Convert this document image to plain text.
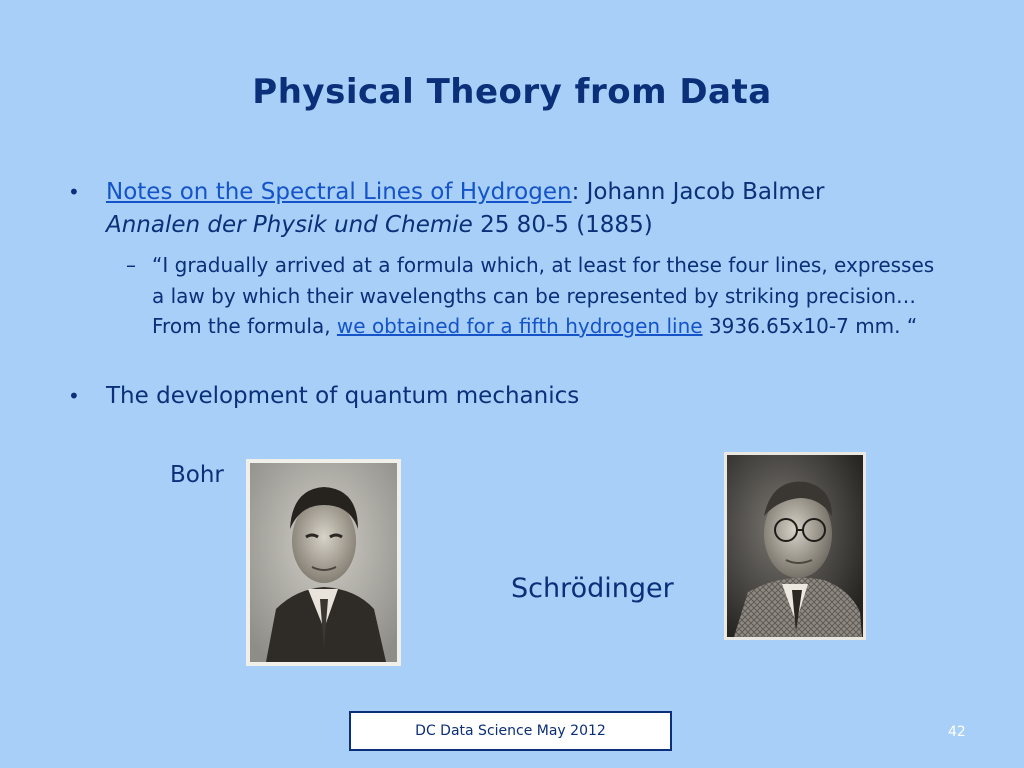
Physical Theory from Data
• Notes on the Spectral Lines of Hydrogen: Johann Jacob Balmer
Annalen der Physik und Chemie 25 80-5 (1885)
– “I gradually arrived at a formula which, at least for these four lines, expresses a law by which their wavelengths can be represented by striking precision…From the formula, we obtained for a fifth hydrogen line 3936.65x10-7 mm. “
• The development of quantum mechanics
Bohr
Schrödinger
DC Data Science May 2012	42
